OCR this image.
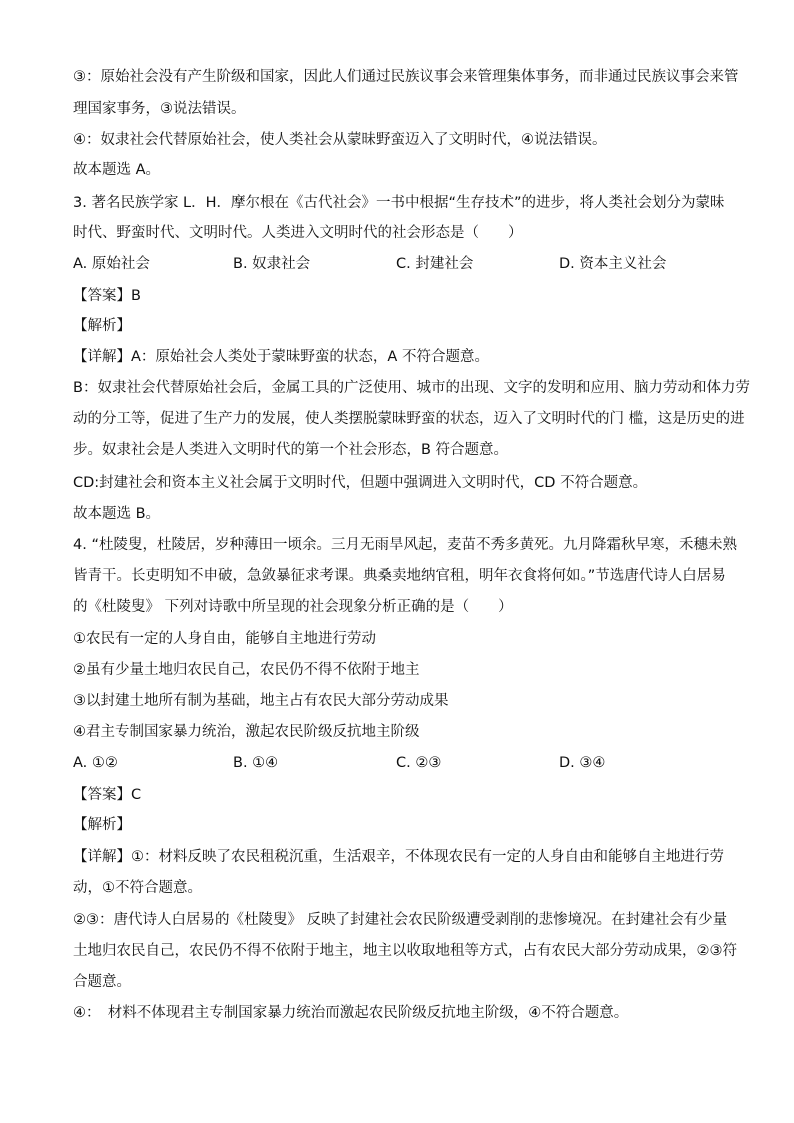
③：原始社会没有产生阶级和国家，因此人们通过民族议事会来管理集体事务，而非通过民族议事会来管
理国家事务，③说法错误。
④：奴隶社会代替原始社会，使人类社会从蒙昧野蛮迈入了文明时代，④说法错误。
故本题选 A。
3. 著名民族学家 L．H．摩尔根在《古代社会》一书中根据“生存技术”的进步，将人类社会划分为蒙昧
时代、野蛮时代、文明时代。人类进入文明时代的社会形态是（　　）
A. 原始社会	B. 奴隶社会	C. 封建社会	D. 资本主义社会
【答案】B
【解析】
【详解】A：原始社会人类处于蒙昧野蛮的状态，A 不符合题意。
B：奴隶社会代替原始社会后，金属工具的广泛使用、城市的出现、文字的发明和应用、脑力劳动和体力劳
动的分工等，促进了生产力的发展，使人类摆脱蒙昧野蛮的状态，迈入了文明时代的门 槛，这是历史的进
步。奴隶社会是人类进入文明时代的第一个社会形态，B 符合题意。
CD:封建社会和资本主义社会属于文明时代，但题中强调进入文明时代，CD 不符合题意。
故本题选 B。
4. “杜陵叟，杜陵居，岁种薄田一顷余。三月无雨旱风起，麦苗不秀多黄死。九月降霜秋早寒，禾穗未熟
皆青干。长吏明知不申破，急敛暴征求考课。典桑卖地纳官租，明年衣食将何如。”节选唐代诗人白居易
的《杜陵叟》 下列对诗歌中所呈现的社会现象分析正确的是（　　）
①农民有一定的人身自由，能够自主地进行劳动
②虽有少量土地归农民自己，农民仍不得不依附于地主
③以封建土地所有制为基础，地主占有农民大部分劳动成果
④君主专制国家暴力统治，激起农民阶级反抗地主阶级
A. ①②	B. ①④	C. ②③	D. ③④
【答案】C
【解析】
【详解】①：材料反映了农民租税沉重，生活艰辛，不体现农民有一定的人身自由和能够自主地进行劳
动，①不符合题意。
②③：唐代诗人白居易的《杜陵叟》 反映了封建社会农民阶级遭受剥削的悲惨境况。在封建社会有少量
土地归农民自己，农民仍不得不依附于地主，地主以收取地租等方式，占有农民大部分劳动成果，②③符
合题意。
④：　材料不体现君主专制国家暴力统治而激起农民阶级反抗地主阶级，④不符合题意。
